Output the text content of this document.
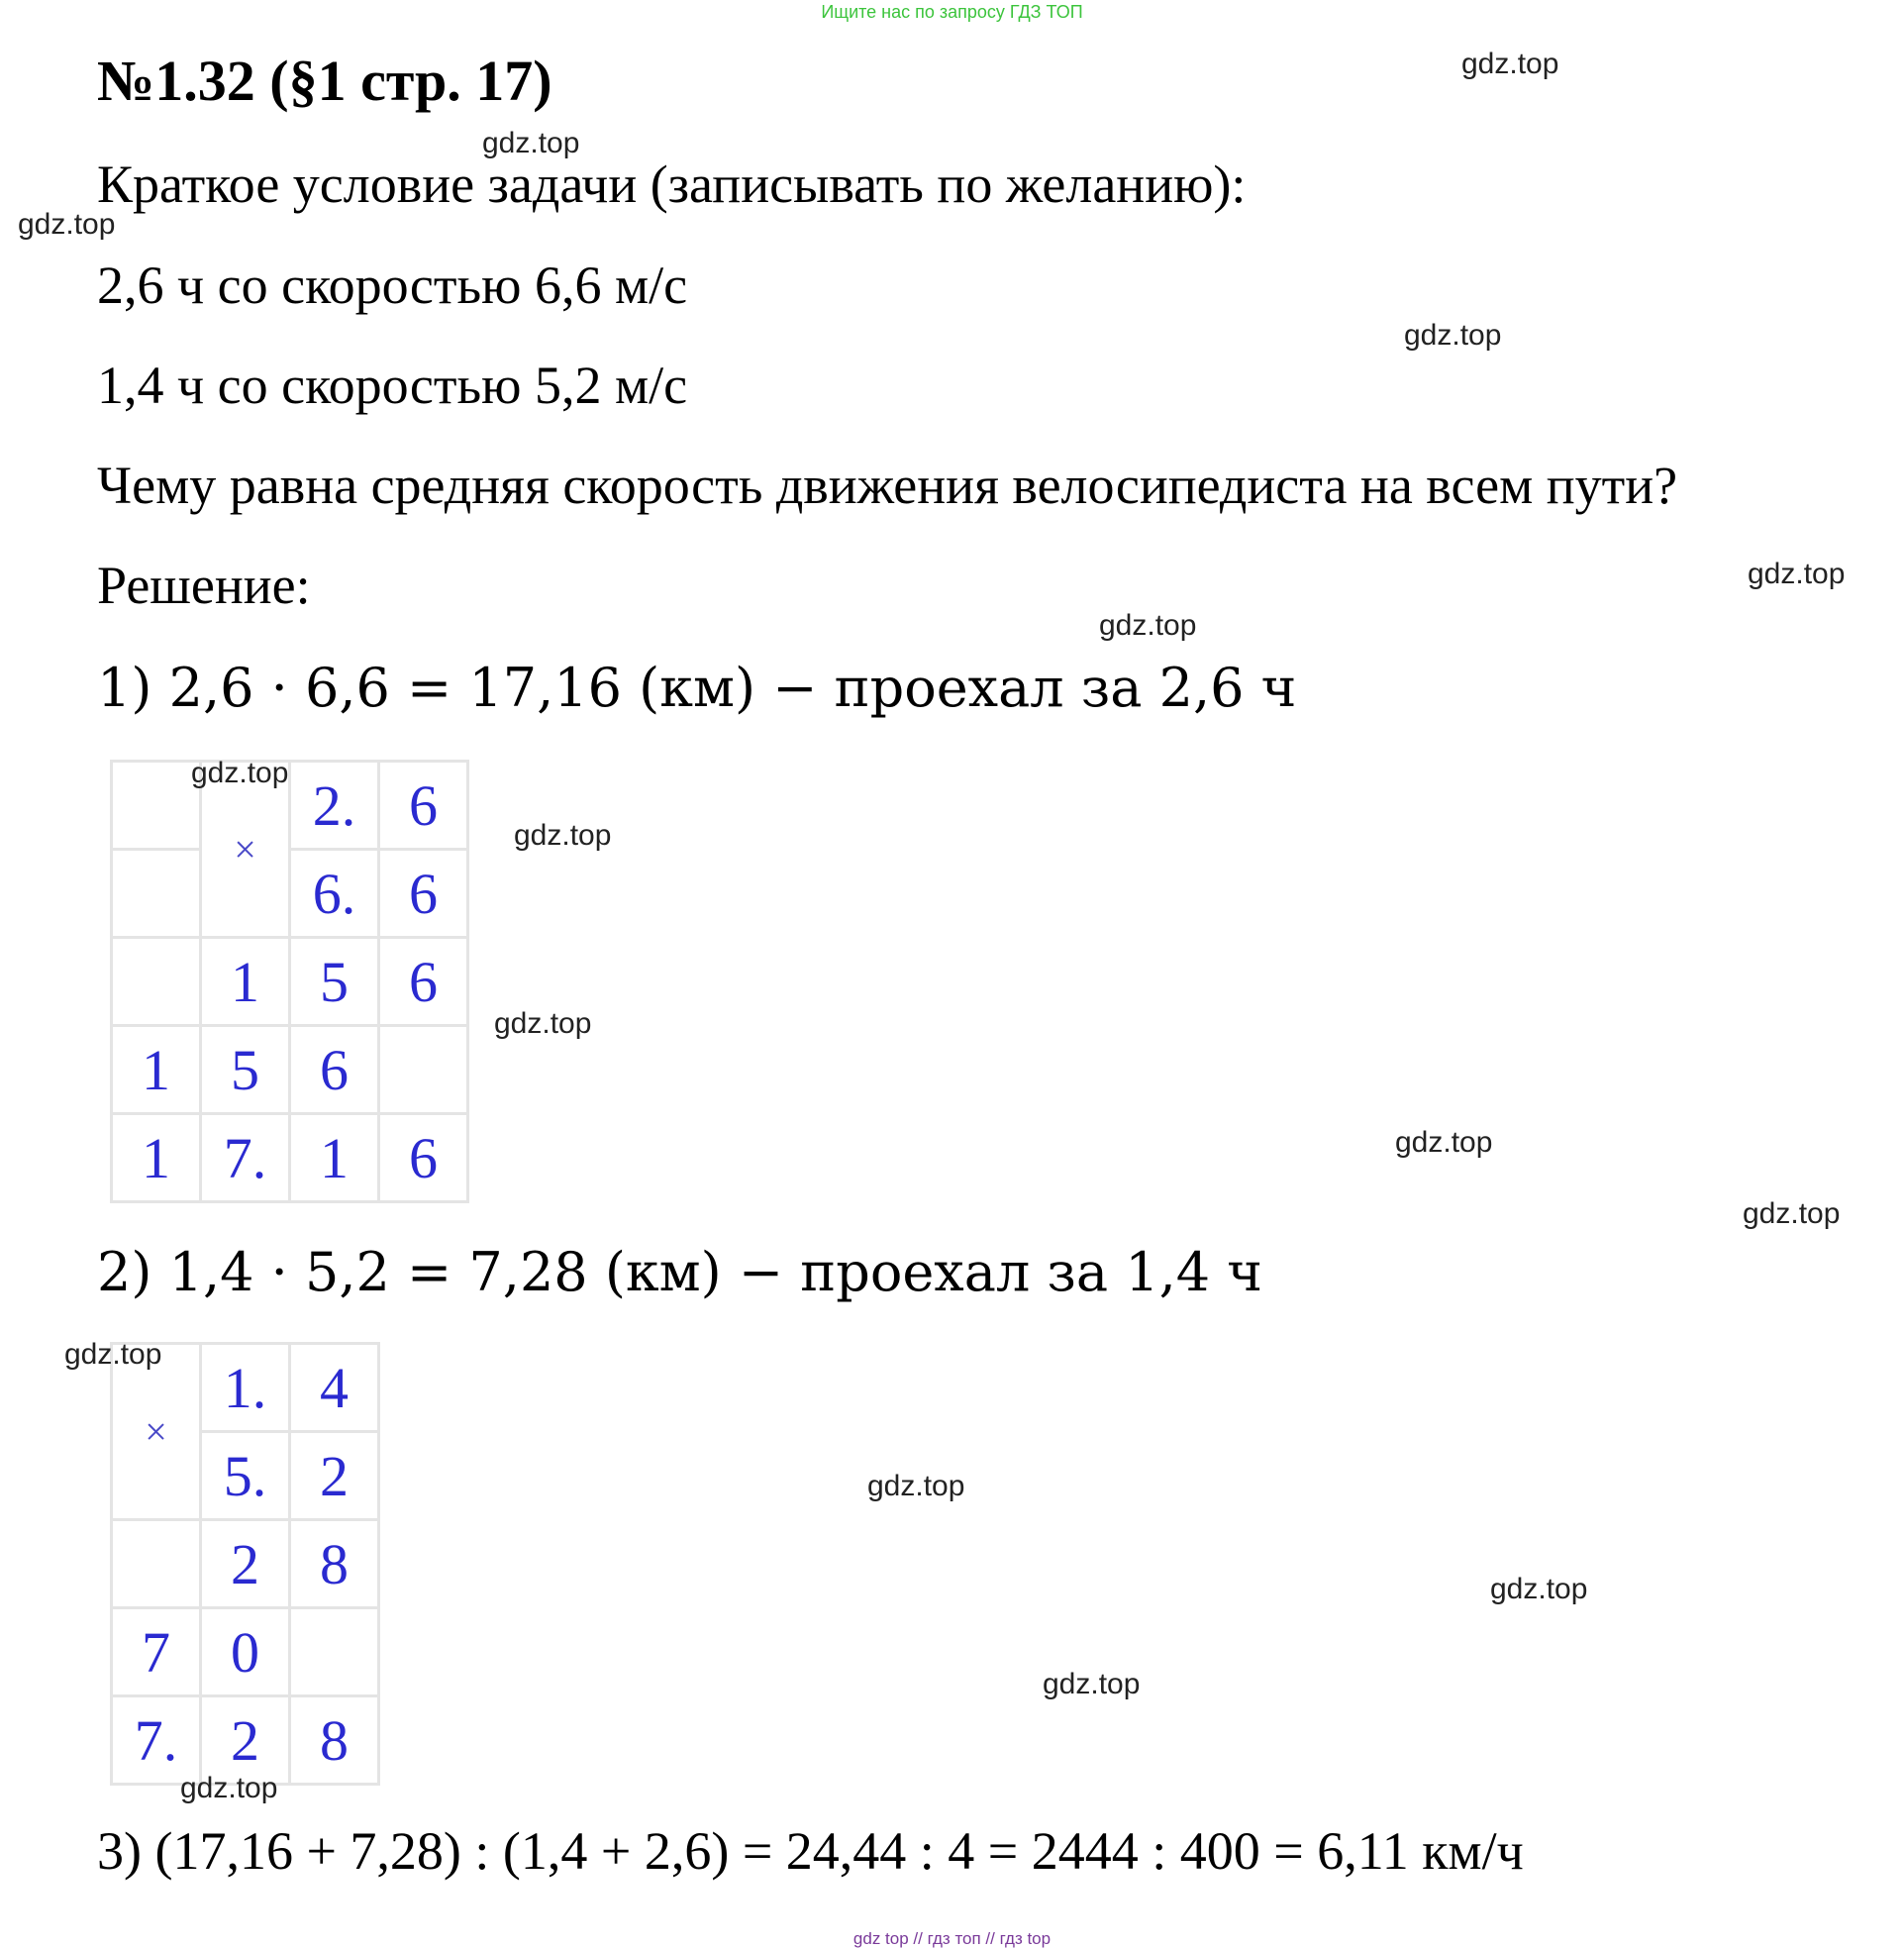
Ищите нас по запросу ГДЗ ТОП
№1.32 (§1 стр. 17)
Краткое условие задачи (записывать по желанию):
2,6 ч со скоростью 6,6 м/с
1,4 ч со скоростью 5,2 м/с
Чему равна средняя скорость движения велосипедиста на всем пути?
Решение:
1) 2,6 · 6,6 = 17,16 (км) − проехал за 2,6 ч
	×	2.	6
		6.	6
	1	5	6
1	5	6	
1	7.	1	6
2) 1,4 · 5,2 = 7,28 (км) − проехал за 1,4 ч
×	1.	4
	5.	2
	2	8
7	0	
7.	2	8
3) (17,16 + 7,28) : (1,4 + 2,6) = 24,44 : 4 = 2444 : 400 = 6,11 км/ч
gdz.top
gdz.top
gdz.top
gdz.top
gdz.top
gdz.top
gdz.top
gdz.top
gdz.top
gdz.top
gdz.top
gdz.top
gdz.top
gdz.top
gdz.top
gdz.top
gdz top // гдз топ // гдз top
